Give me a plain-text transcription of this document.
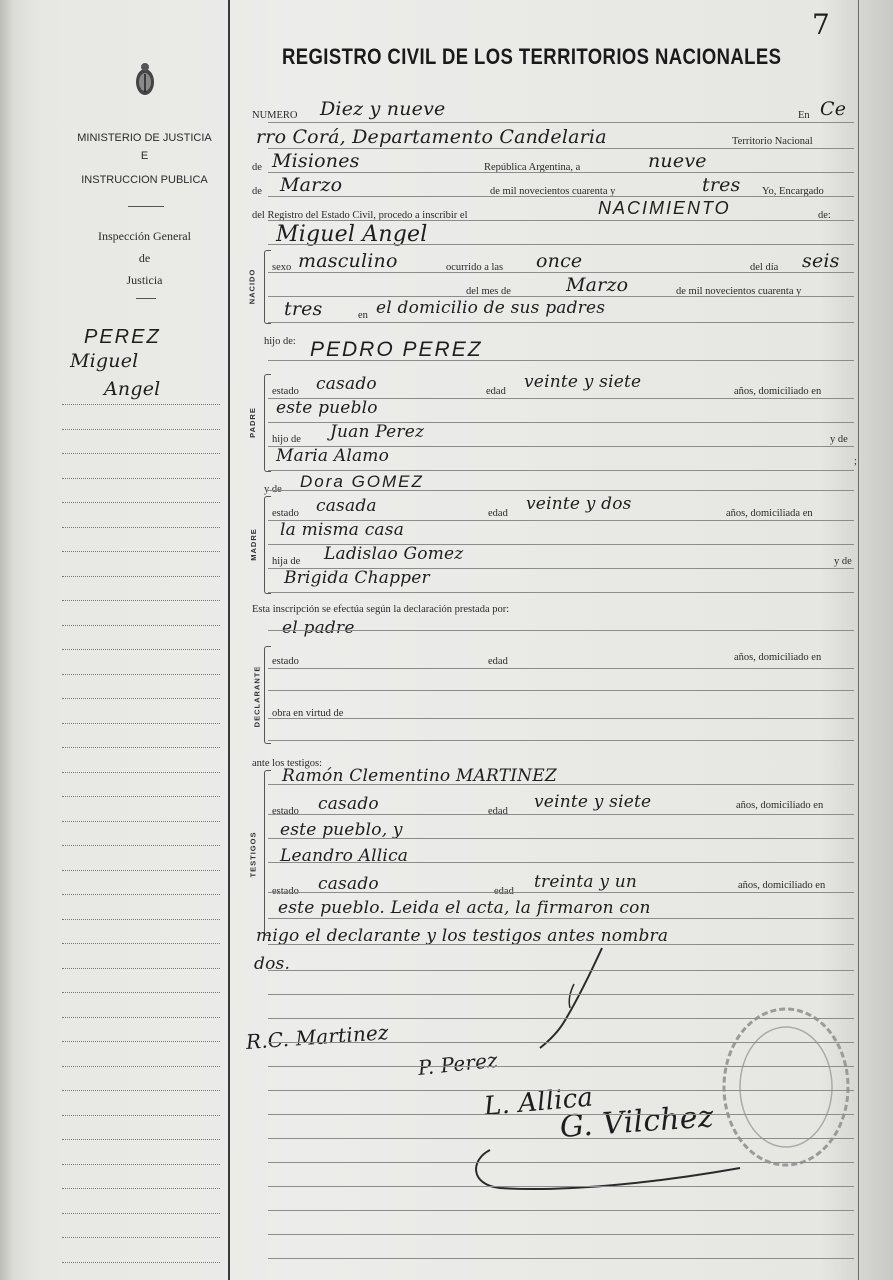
7
MINISTERIO DE JUSTICIA
E
INSTRUCCION PUBLICA
Inspección General
de
Justicia
PEREZ
Miguel
Angel
REGISTRO CIVIL DE LOS TERRITORIOS NACIONALES
NUMERO Diez y nueve	En Ce
rro Corá, Departamento Candelaria	Territorio Nacional
de Misiones	República Argentina, a	nueve
de Marzo	de mil novecientos cuarenta y	tres Yo, Encargado
del Registro del Estado Civil, procedo a inscribir el	NACIMIENTO	de:
Miguel Angel
NACIDO
sexo masculino	ocurrido a las once	del día seis
del mes de	Marzo	de mil novecientos cuarenta y
tres	en el domicilio de sus padres
hijo de: PEDRO PEREZ
PADRE
estado casado	edad veinte y siete	años, domiciliado en
este pueblo
hijo de Juan Perez	y de
Maria Alamo	;
y de Dora GOMEZ
MADRE
estado casada	edad veinte y dos	años, domiciliada en
la misma casa
hija de Ladislao Gomez	y de
Brigida Chapper
Esta inscripción se efectúa según la declaración prestada por:
el padre
DECLARANTE
estado	edad	años, domiciliado en
obra en virtud de
ante los testigos:
TESTIGOS
Ramón Clementino MARTINEZ
estado casado	edad veinte y siete	años, domiciliado en
este pueblo, y
Leandro Allica
estado casado	edad treinta y un	años, domiciliado en
este pueblo. Leida el acta, la firmaron con
migo el declarante y los testigos antes nombra
dos.
R.C. Martinez
P. Perez
L. Allica
G. Vilchez
